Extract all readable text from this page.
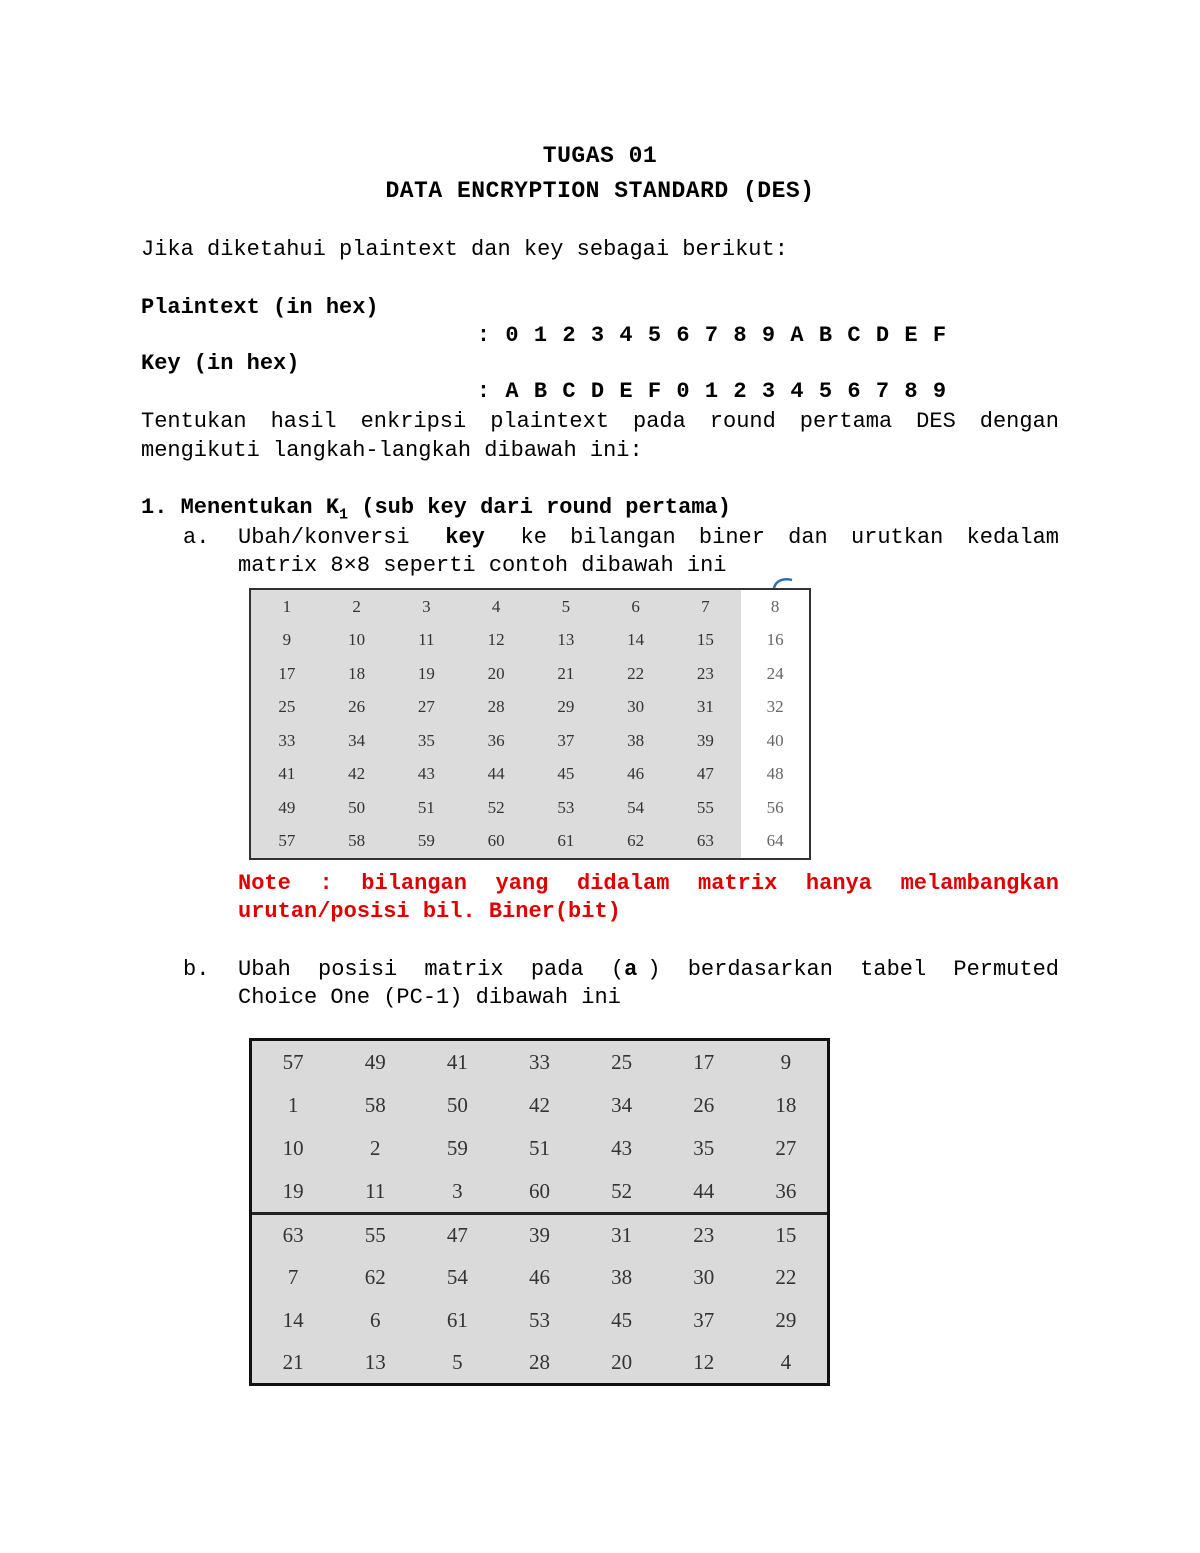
TUGAS 01
DATA ENCRYPTION STANDARD (DES)
Jika diketahui plaintext dan key sebagai berikut:
Plaintext (in hex)

: 0 1 2 3 4 5 6 7 8 9 A B C D E F

Key (in hex)

: A B C D E F 0 1 2 3 4 5 6 7 8 9

Tentukan hasil enkripsi plaintext pada round pertama DES dengan
mengikuti langkah-langkah dibawah ini:
1. Menentukan $K_1$ (sub key dari round pertama)
a. Ubah/konversi key ke bilangan biner dan urutkan kedalam
matrix 8×8 seperti contoh dibawah ini
1	2	3	4	5	6	7	8
9	10	11	12	13	14	15	16
17	18	19	20	21	22	23	24
25	26	27	28	29	30	31	32
33	34	35	36	37	38	39	40
41	42	43	44	45	46	47	48
49	50	51	52	53	54	55	56
57	58	59	60	61	62	63	64
Note : bilangan yang didalam matrix hanya melambangkan
urutan/posisi bil. Biner(bit)
b. Ubah posisi matrix pada (a ) berdasarkan tabel Permuted
Choice One (PC-1) dibawah ini
57	49	41	33	25	17	9
1	58	50	42	34	26	18
10	2	59	51	43	35	27
19	11	3	60	52	44	36
63	55	47	39	31	23	15
7	62	54	46	38	30	22
14	6	61	53	45	37	29
21	13	5	28	20	12	4
